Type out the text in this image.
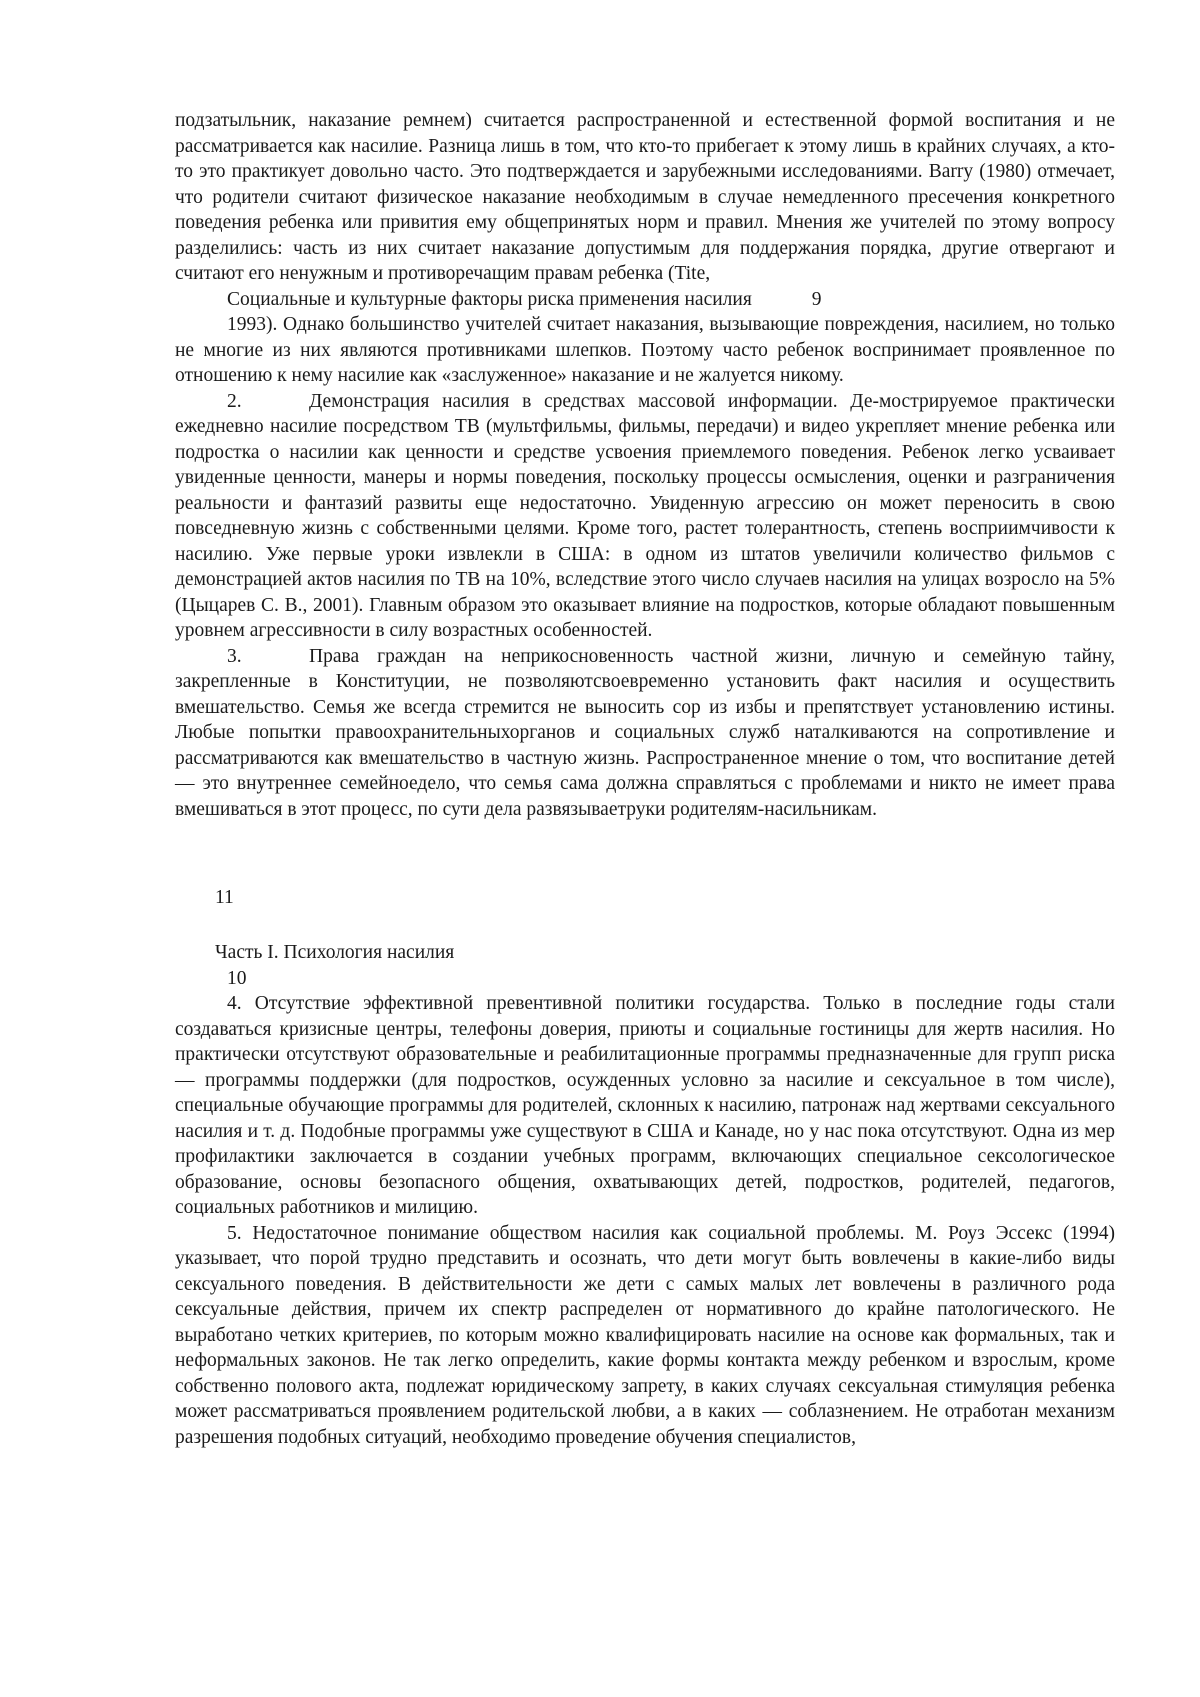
подзатыльник, наказание ремнем) считается распространенной и естественной формой воспитания и не рассматривается как насилие. Разница лишь в том, что кто-то прибегает к этому лишь в крайних случаях, а кто-то это практикует довольно часто. Это подтверждается и зарубежными исследованиями. Barry (1980) отмечает, что родители считают физическое наказание необходимым в случае немедленного пресечения конкретного поведения ребенка или привития ему общепринятых норм и правил. Мнения же учителей по этому вопросу разделились: часть из них считает наказание допустимым для поддержания порядка, другие отвергают и считают его ненужным и противоречащим правам ребенка (Tite,

Социальные и культурные факторы риска применения насилия	9

1993). Однако большинство учителей считает наказания, вызывающие повреждения, насилием, но только не многие из них являются противниками шлепков. Поэтому часто ребенок воспринимает проявленное по отношению к нему насилие как «заслуженное» наказание и не жалуется никому.

2.	Демонстрация насилия в средствах массовой информации. Де-мострируемое практически ежедневно насилие посредством ТВ (мультфильмы, фильмы, передачи) и видео укрепляет мнение ребенка или подростка о насилии как ценности и средстве усвоения приемлемого поведения. Ребенок легко усваивает увиденные ценности, манеры и нормы поведения, поскольку процессы осмысления, оценки и разграничения реальности и фантазий развиты еще недостаточно. Увиденную агрессию он может переносить в свою повседневную жизнь с собственными целями. Кроме того, растет толерантность, степень восприимчивости к насилию. Уже первые уроки извлекли в США: в одном из штатов увеличили количество фильмов с демонстрацией актов насилия по ТВ на 10%, вследствие этого число случаев насилия на улицах возросло на 5% (Цыцарев С. В., 2001). Главным образом это оказывает влияние на подростков, которые обладают повышенным уровнем агрессивности в силу возрастных особенностей.

3.	Права граждан на неприкосновенность частной жизни, личную и семейную тайну, закрепленные в Конституции, не позволяютсвоевременно установить факт насилия и осуществить вмешательство. Семья же всегда стремится не выносить сор из избы и препятствует установлению истины. Любые попытки правоохранительныхорганов и социальных служб наталкиваются на сопротивление и рассматриваются как вмешательство в частную жизнь. Распространенное мнение о том, что воспитание детей — это внутреннее семейноедело, что семья сама должна справляться с проблемами и никто не имеет права вмешиваться в этот процесс, по сути дела развязываетруки родителям-насильникам.

11

Часть I. Психология насилия

10

4. Отсутствие эффективной превентивной политики государства. Только в последние годы стали создаваться кризисные центры, телефоны доверия, приюты и социальные гостиницы для жертв насилия. Но практически отсутствуют образовательные и реабилитационные программы предназначенные для групп риска — программы поддержки (для подростков, осужденных условно за насилие и сексуальное в том числе), специальные обучающие программы для родителей, склонных к насилию, патронаж над жертвами сексуального насилия и т. д. Подобные программы уже существуют в США и Канаде, но у нас пока отсутствуют. Одна из мер профилактики заключается в создании учебных программ, включающих специальное сексологическое образование, основы безопасного общения, охватывающих детей, подростков, родителей, педагогов, социальных работников и милицию.

5. Недостаточное понимание обществом насилия как социальной проблемы. М. Роуз Эссекс (1994) указывает, что порой трудно представить и осознать, что дети могут быть вовлечены в какие-либо виды сексуального поведения. В действительности же дети с самых малых лет вовлечены в различного рода сексуальные действия, причем их спектр распределен от нормативного до крайне патологического. Не выработано четких критериев, по которым можно квалифицировать насилие на основе как формальных, так и неформальных законов. Не так легко определить, какие формы контакта между ребенком и взрослым, кроме собственно полового акта, подлежат юридическому запрету, в каких случаях сексуальная стимуляция ребенка может рассматриваться проявлением родительской любви, а в каких — соблазнением. Не отработан механизм разрешения подобных ситуаций, необходимо проведение обучения специалистов,
